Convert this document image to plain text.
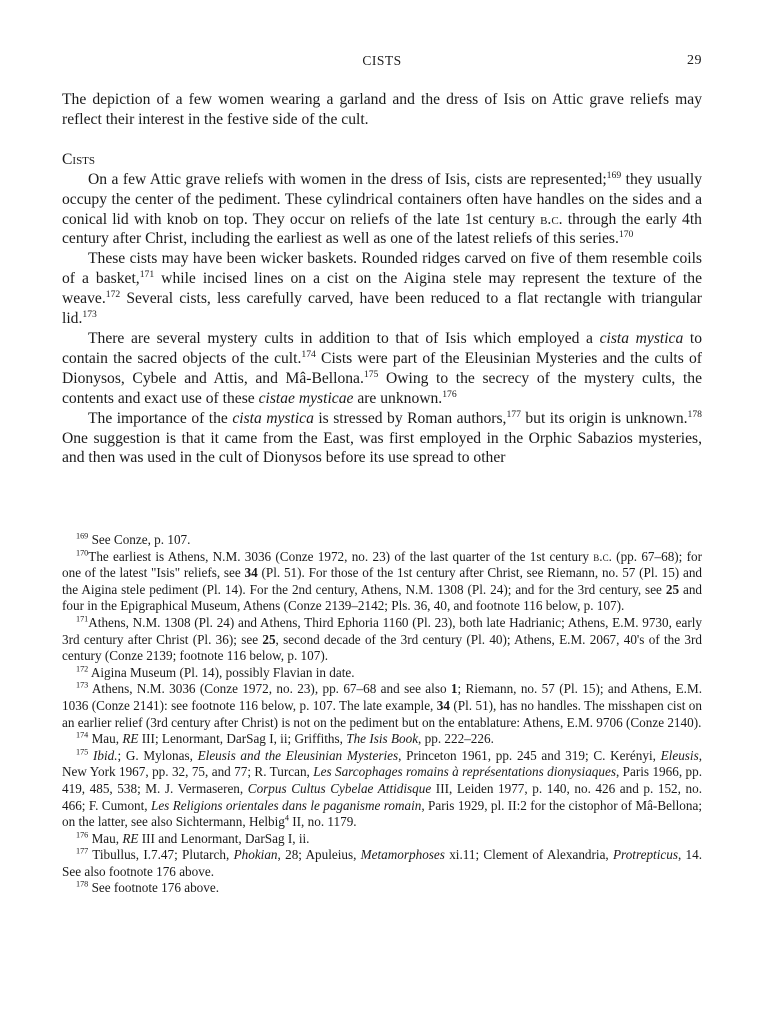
CISTS	29

The depiction of a few women wearing a garland and the dress of Isis on Attic grave reliefs may reflect their interest in the festive side of the cult.

Cists

On a few Attic grave reliefs with women in the dress of Isis, cists are represented;$^{169}$ they usually occupy the center of the pediment. These cylindrical containers often have handles on the sides and a conical lid with knob on top. They occur on reliefs of the late 1st century b.c. through the early 4th century after Christ, including the earliest as well as one of the latest reliefs of this series.$^{170}$

These cists may have been wicker baskets. Rounded ridges carved on five of them resemble coils of a basket,$^{171}$ while incised lines on a cist on the Aigina stele may represent the texture of the weave.$^{172}$ Several cists, less carefully carved, have been reduced to a flat rectangle with triangular lid.$^{173}$

There are several mystery cults in addition to that of Isis which employed a cista mystica to contain the sacred objects of the cult.$^{174}$ Cists were part of the Eleusinian Mysteries and the cults of Dionysos, Cybele and Attis, and Mâ-Bellona.$^{175}$ Owing to the secrecy of the mystery cults, the contents and exact use of these cistae mysticae are unknown.$^{176}$

The importance of the cista mystica is stressed by Roman authors,$^{177}$ but its origin is unknown.$^{178}$ One suggestion is that it came from the East, was first employed in the Orphic Sabazios mysteries, and then was used in the cult of Dionysos before its use spread to other

$^{169}$ See Conze, p. 107.

$^{170}$The earliest is Athens, N.M. 3036 (Conze 1972, no. 23) of the last quarter of the 1st century b.c. (pp. 67–68); for one of the latest "Isis" reliefs, see 34 (Pl. 51). For those of the 1st century after Christ, see Riemann, no. 57 (Pl. 15) and the Aigina stele pediment (Pl. 14). For the 2nd century, Athens, N.M. 1308 (Pl. 24); and for the 3rd century, see 25 and four in the Epigraphical Museum, Athens (Conze 2139–2142; Pls. 36, 40, and footnote 116 below, p. 107).

$^{171}$Athens, N.M. 1308 (Pl. 24) and Athens, Third Ephoria 1160 (Pl. 23), both late Hadrianic; Athens, E.M. 9730, early 3rd century after Christ (Pl. 36); see 25, second decade of the 3rd century (Pl. 40); Athens, E.M. 2067, 40's of the 3rd century (Conze 2139; footnote 116 below, p. 107).

$^{172}$ Aigina Museum (Pl. 14), possibly Flavian in date.

$^{173}$ Athens, N.M. 3036 (Conze 1972, no. 23), pp. 67–68 and see also 1; Riemann, no. 57 (Pl. 15); and Athens, E.M. 1036 (Conze 2141): see footnote 116 below, p. 107. The late example, 34 (Pl. 51), has no handles. The misshapen cist on an earlier relief (3rd century after Christ) is not on the pediment but on the entablature: Athens, E.M. 9706 (Conze 2140).

$^{174}$ Mau, RE III; Lenormant, DarSag I, ii; Griffiths, The Isis Book, pp. 222–226.

$^{175}$ Ibid.; G. Mylonas, Eleusis and the Eleusinian Mysteries, Princeton 1961, pp. 245 and 319; C. Kerényi, Eleusis, New York 1967, pp. 32, 75, and 77; R. Turcan, Les Sarcophages romains à représentations dionysiaques, Paris 1966, pp. 419, 485, 538; M. J. Vermaseren, Corpus Cultus Cybelae Attidisque III, Leiden 1977, p. 140, no. 426 and p. 152, no. 466; F. Cumont, Les Religions orientales dans le paganisme romain, Paris 1929, pl. II:2 for the cistophor of Mâ-Bellona; on the latter, see also Sichtermann, Helbig$^4$ II, no. 1179.

$^{176}$ Mau, RE III and Lenormant, DarSag I, ii.

$^{177}$ Tibullus, I.7.47; Plutarch, Phokian, 28; Apuleius, Metamorphoses xi.11; Clement of Alexandria, Protrepticus, 14. See also footnote 176 above.

$^{178}$ See footnote 176 above.
